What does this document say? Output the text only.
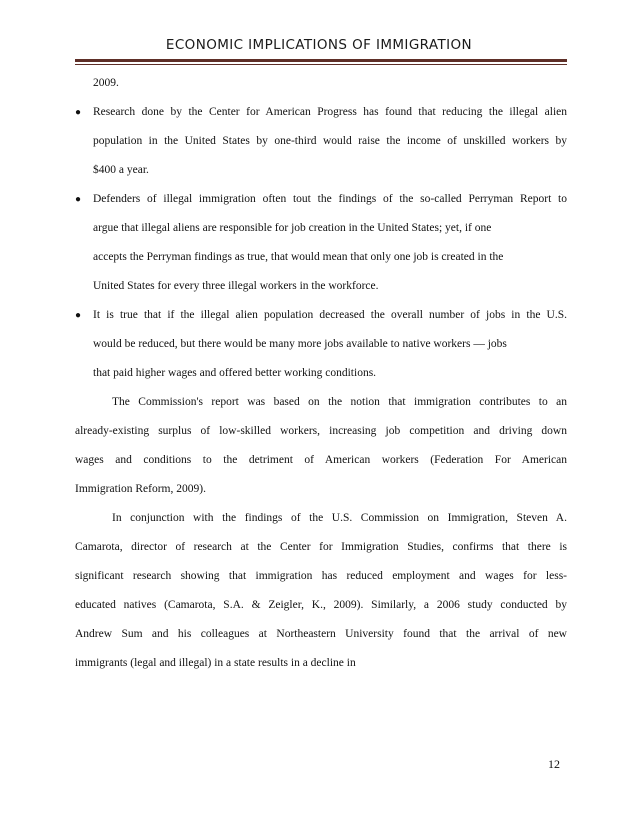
ECONOMIC IMPLICATIONS OF IMMIGRATION
2009.
● Research done by the Center for American Progress has found that reducing the illegal alien
population in the United States by one-third would raise the income of unskilled workers by
$400 a year.
● Defenders of illegal immigration often tout the findings of the so-called Perryman Report to
argue that illegal aliens are responsible for job creation in the United States; yet, if one
accepts the Perryman findings as true, that would mean that only one job is created in the
United States for every three illegal workers in the workforce.
● It is true that if the illegal alien population decreased the overall number of jobs in the U.S.
would be reduced, but there would be many more jobs available to native workers — jobs
that paid higher wages and offered better working conditions.
The Commission's report was based on the notion that immigration contributes to an
already-existing surplus of low-skilled workers, increasing job competition and driving down
wages and conditions to the detriment of American workers (Federation For American
Immigration Reform, 2009).
In conjunction with the findings of the U.S. Commission on Immigration, Steven A.
Camarota, director of research at the Center for Immigration Studies, confirms that there is
significant research showing that immigration has reduced employment and wages for less-
educated natives (Camarota, S.A. & Zeigler, K., 2009). Similarly, a 2006 study conducted by
Andrew Sum and his colleagues at Northeastern University found that the arrival of new
immigrants (legal and illegal) in a state results in a decline in
12
